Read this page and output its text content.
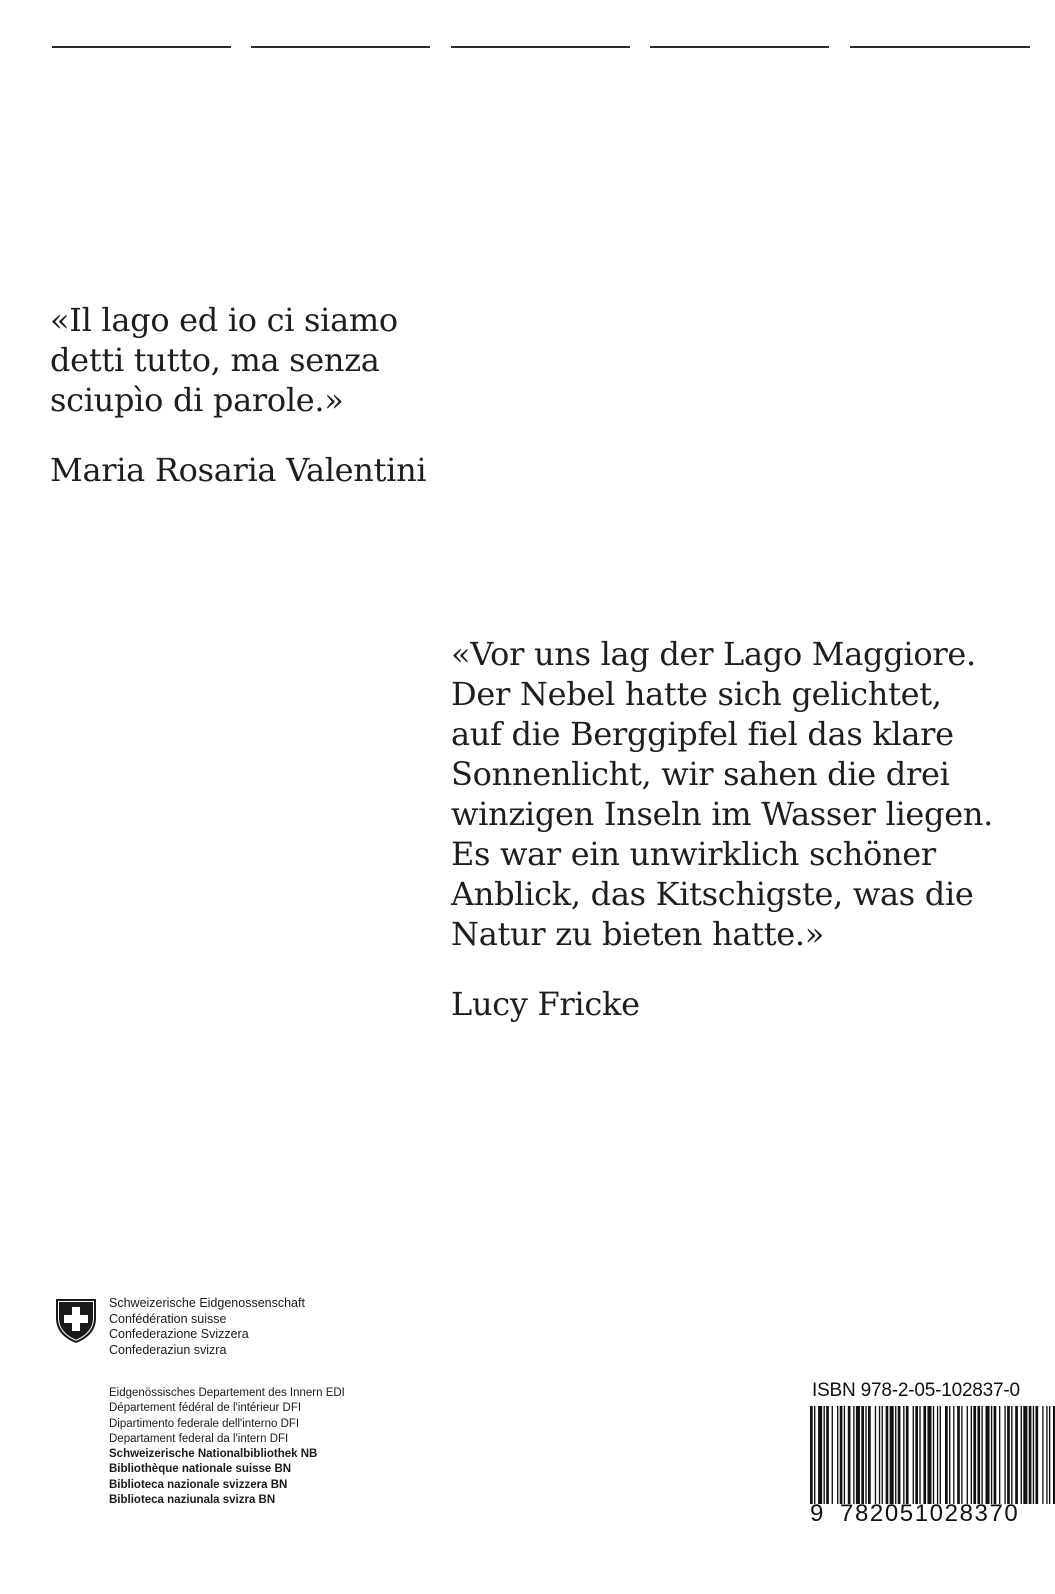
«Il lago ed io ci siamo
detti tutto, ma senza
sciupìo di parole.»
Maria Rosaria Valentini
«Vor uns lag der Lago Maggiore.
Der Nebel hatte sich gelichtet,
auf die Berggipfel fiel das klare
Sonnenlicht, wir sahen die drei
winzigen Inseln im Wasser liegen.
Es war ein unwirklich schöner
Anblick, das Kitschigste, was die
Natur zu bieten hatte.»
Lucy Fricke
Schweizerische Eidgenossenschaft
Confédération suisse
Confederazione Svizzera
Confederaziun svizra
Eidgenössisches Departement des Innern EDI
Département fédéral de l'intérieur DFI
Dipartimento federale dell'interno DFI
Departament federal da l'intern DFI
Schweizerische Nationalbibliothek NB
Bibliothèque nationale suisse BN
Biblioteca nazionale svizzera BN
Biblioteca naziunala svizra BN
ISBN 978-2-05-102837-0
9 782051028370
